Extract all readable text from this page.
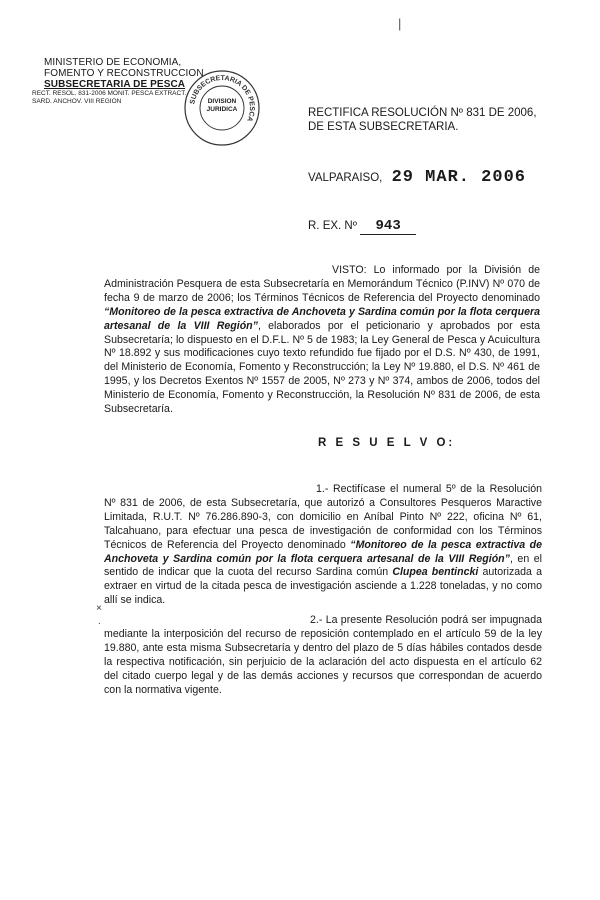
|
MINISTERIO DE ECONOMIA,
FOMENTO Y RECONSTRUCCION
SUBSECRETARIA DE PESCA
RECT. RESOL. 831-2006 MONIT. PESCA EXTRACT.
SARD. ANCHOV. VIII REGION	SUBSECRETARIA DE PESCA
DIVISION
JURIDICA	RECTIFICA RESOLUCIÓN Nº 831 DE 2006,
DE ESTA SUBSECRETARIA.
VALPARAISO, 29 MAR. 2006
R. EX. Nº 943
VISTO: Lo informado por la División de Administración Pesquera de esta Subsecretaría en Memorándum Técnico (P.INV) Nº 070 de fecha 9 de marzo de 2006; los Términos Técnicos de Referencia del Proyecto denominado “Monitoreo de la pesca extractiva de Anchoveta y Sardina común por la flota cerquera artesanal de la VIII Región”, elaborados por el peticionario y aprobados por esta Subsecretaría; lo dispuesto en el D.F.L. Nº 5 de 1983; la Ley General de Pesca y Acuicultura Nº 18.892 y sus modificaciones cuyo texto refundido fue fijado por el D.S. Nº 430, de 1991, del Ministerio de Economía, Fomento y Reconstrucción; la Ley Nº 19.880, el D.S. Nº 461 de 1995, y los Decretos Exentos Nº 1557 de 2005, Nº 273 y Nº 374, ambos de 2006, todos del Ministerio de Economía, Fomento y Reconstrucción, la Resolución Nº 831 de 2006, de esta Subsecretaría.
R E S U E L V O:
1.- Rectifícase el numeral 5º de la Resolución Nº 831 de 2006, de esta Subsecretaría, que autorizó a Consultores Pesqueros Maractive Limitada, R.U.T. Nº 76.286.890-3, con domicilio en Aníbal Pinto Nº 222, oficina Nº 61, Talcahuano, para efectuar una pesca de investigación de conformidad con los Términos Técnicos de Referencia del Proyecto denominado “Monitoreo de la pesca extractiva de Anchoveta y Sardina común por la flota cerquera artesanal de la VIII Región”, en el sentido de indicar que la cuota del recurso Sardina común Clupea bentincki autorizada a extraer en virtud de la citada pesca de investigación asciende a 1.228 toneladas, y no como allí se indica.
×
.	2.- La presente Resolución podrá ser impugnada mediante la interposición del recurso de reposición contemplado en el artículo 59 de la ley 19.880, ante esta misma Subsecretaría y dentro del plazo de 5 días hábiles contados desde la respectiva notificación, sin perjuicio de la aclaración del acto dispuesta en el artículo 62 del citado cuerpo legal y de las demás acciones y recursos que correspondan de acuerdo con la normativa vigente.
